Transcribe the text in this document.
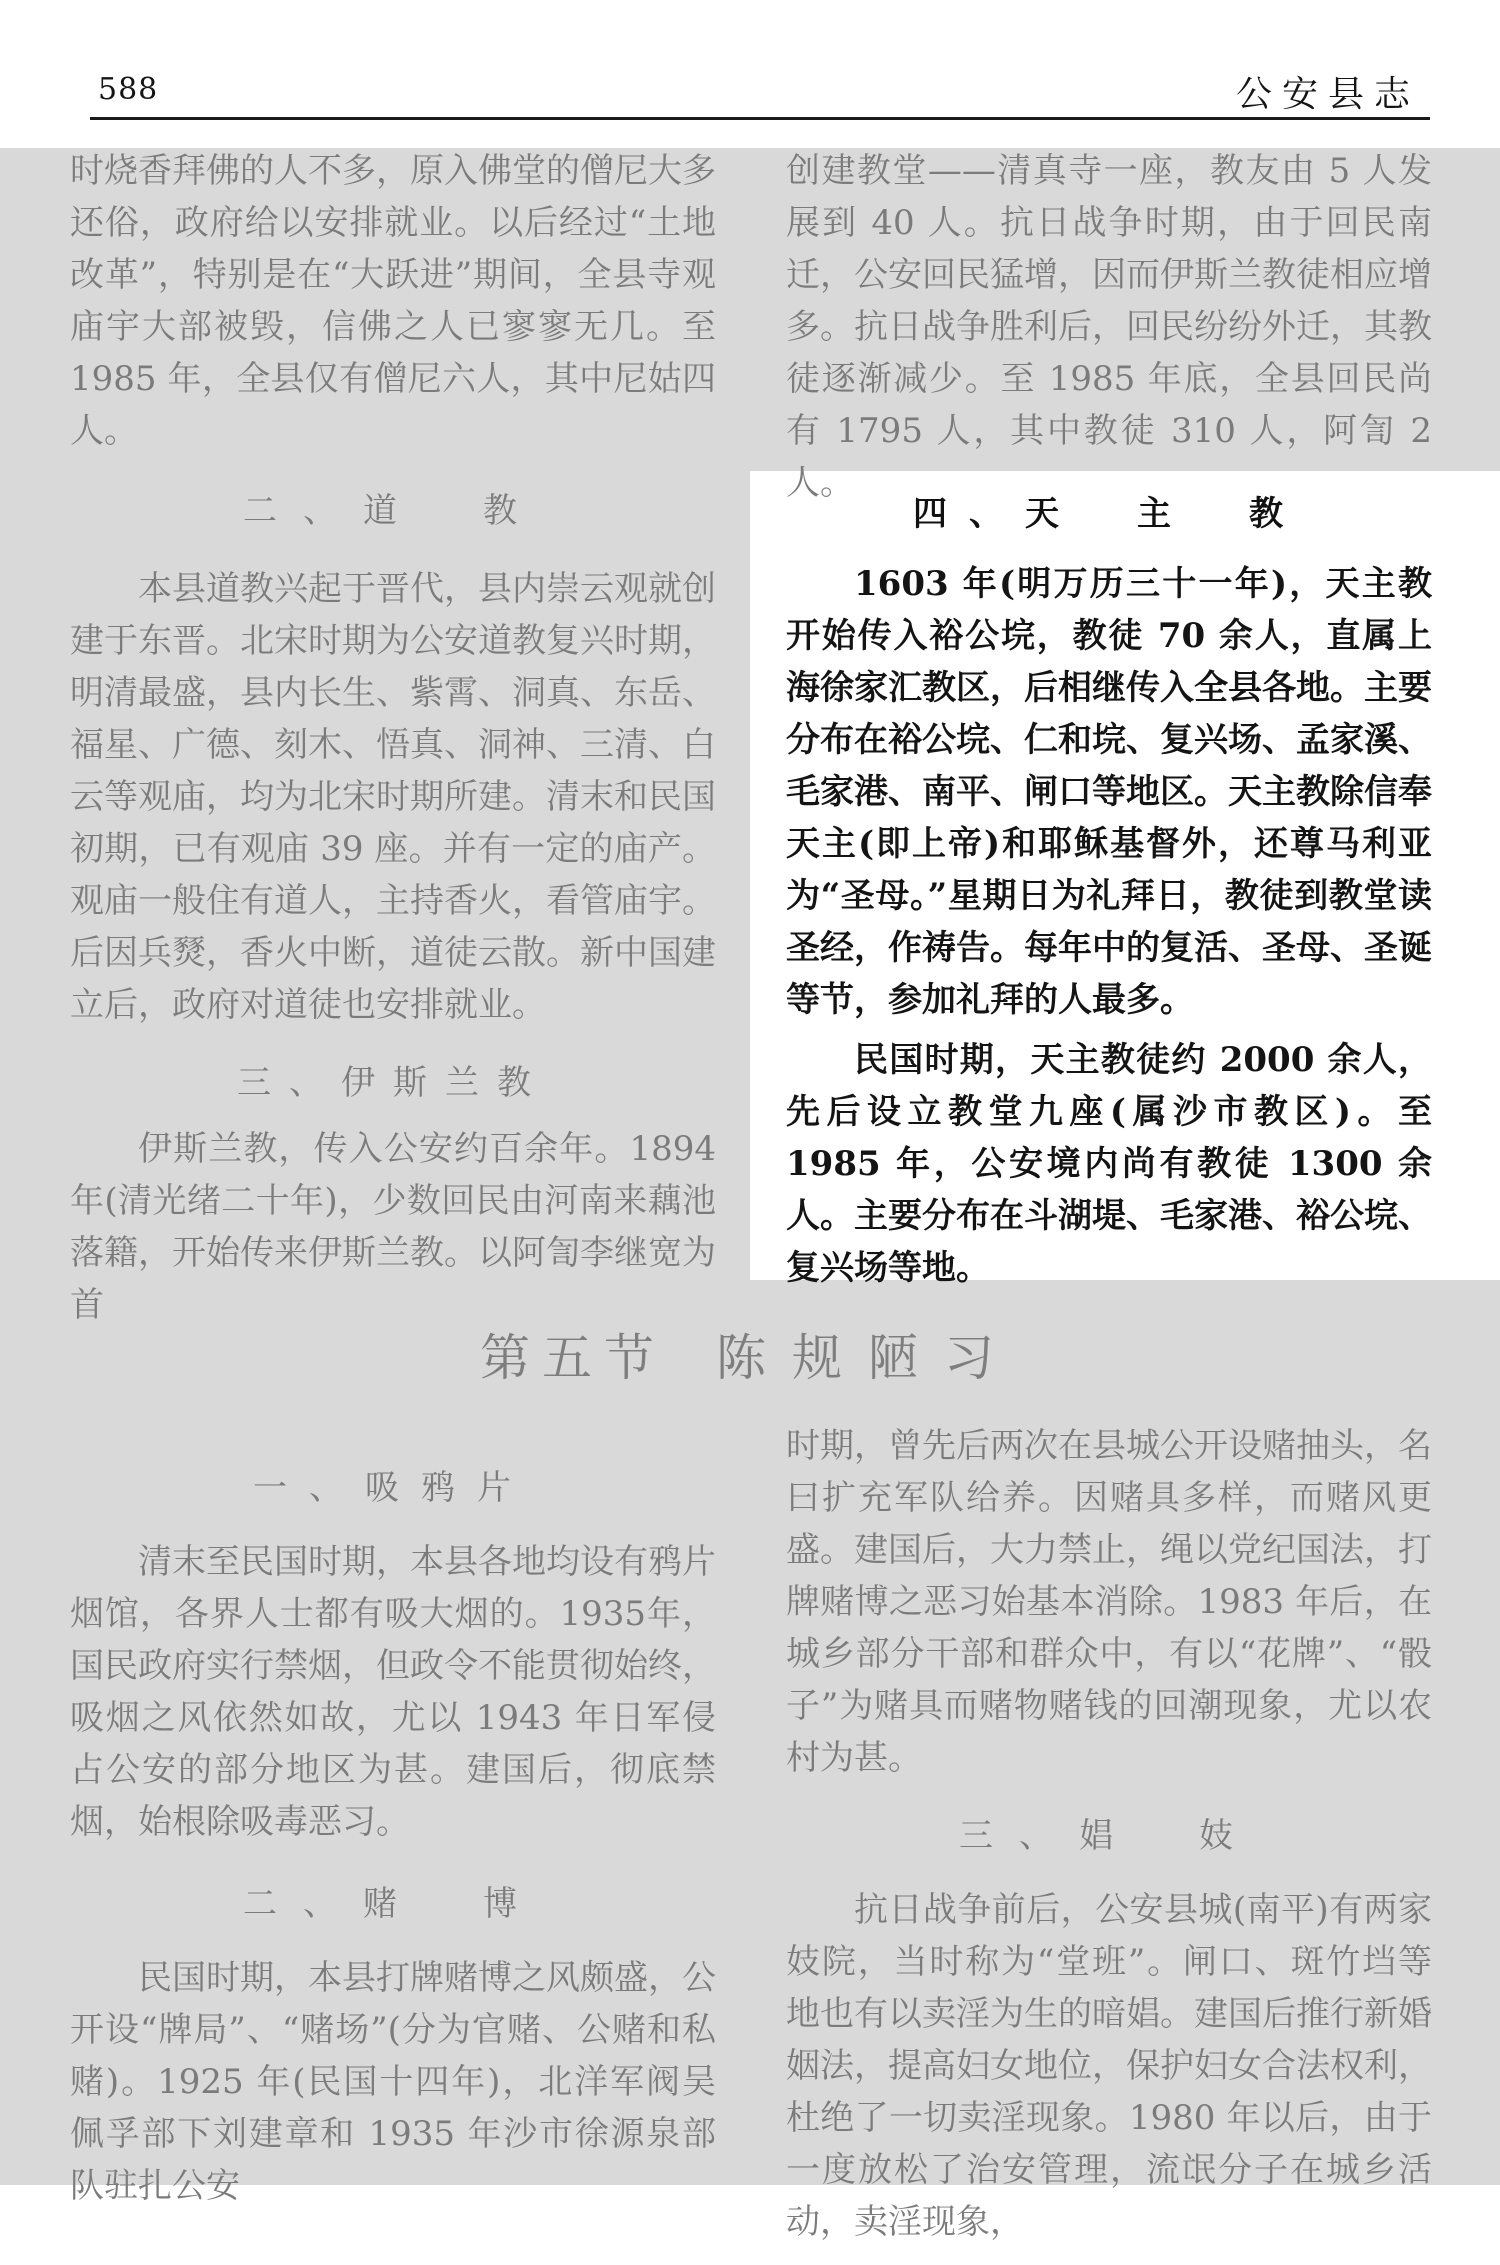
588	公安县志

时烧香拜佛的人不多，原入佛堂的僧尼大多还俗，政府给以安排就业。以后经过“土地改革”，特别是在“大跃进”期间，全县寺观庙宇大部被毁，信佛之人已寥寥无几。至 1985 年，全县仅有僧尼六人，其中尼姑四人。

二、道　教

本县道教兴起于晋代，县内崇云观就创建于东晋。北宋时期为公安道教复兴时期，明清最盛，县内长生、紫霄、洞真、东岳、福星、广德、刻木、悟真、洞神、三清、白云等观庙，均为北宋时期所建。清末和民国初期，已有观庙 39 座。并有一定的庙产。观庙一般住有道人，主持香火，看管庙宇。后因兵燹，香火中断，道徒云散。新中国建立后，政府对道徒也安排就业。

三、伊斯兰教

伊斯兰教，传入公安约百余年。1894 年(清光绪二十年)，少数回民由河南来藕池落籍，开始传来伊斯兰教。以阿訇李继宽为首

创建教堂——清真寺一座，教友由 5 人发展到 40 人。抗日战争时期，由于回民南迁，公安回民猛增，因而伊斯兰教徒相应增多。抗日战争胜利后，回民纷纷外迁，其教徒逐渐减少。至 1985 年底，全县回民尚有 1795 人，其中教徒 310 人，阿訇 2 人。

四、天　主　教

1603 年(明万历三十一年)，天主教开始传入裕公垸，教徒 70 余人，直属上海徐家汇教区，后相继传入全县各地。主要分布在裕公垸、仁和垸、复兴场、孟家溪、毛家港、南平、闸口等地区。天主教除信奉天主(即上帝)和耶稣基督外，还尊马利亚为“圣母。”星期日为礼拜日，教徒到教堂读圣经，作祷告。每年中的复活、圣母、圣诞等节，参加礼拜的人最多。

民国时期，天主教徒约 2000 余人，先后设立教堂九座(属沙市教区)。至 1985 年，公安境内尚有教徒 1300 余人。主要分布在斗湖堤、毛家港、裕公垸、复兴场等地。

第五节 陈规陋习

一、吸鸦片

清末至民国时期，本县各地均设有鸦片烟馆，各界人士都有吸大烟的。1935年，国民政府实行禁烟，但政令不能贯彻始终，吸烟之风依然如故，尤以 1943 年日军侵占公安的部分地区为甚。建国后，彻底禁烟，始根除吸毒恶习。

二、赌　博

民国时期，本县打牌赌博之风颇盛，公开设“牌局”、“赌场”(分为官赌、公赌和私赌)。1925 年(民国十四年)，北洋军阀吴佩孚部下刘建章和 1935 年沙市徐源泉部队驻扎公安

时期，曾先后两次在县城公开设赌抽头，名曰扩充军队给养。因赌具多样，而赌风更盛。建国后，大力禁止，绳以党纪国法，打牌赌博之恶习始基本消除。1983 年后，在城乡部分干部和群众中，有以“花牌”、“骰子”为赌具而赌物赌钱的回潮现象，尤以农村为甚。

三、娼　妓

抗日战争前后，公安县城(南平)有两家妓院，当时称为“堂班”。闸口、斑竹垱等地也有以卖淫为生的暗娼。建国后推行新婚姻法，提高妇女地位，保护妇女合法权利，杜绝了一切卖淫现象。1980 年以后，由于一度放松了治安管理，流氓分子在城乡活动，卖淫现象，
